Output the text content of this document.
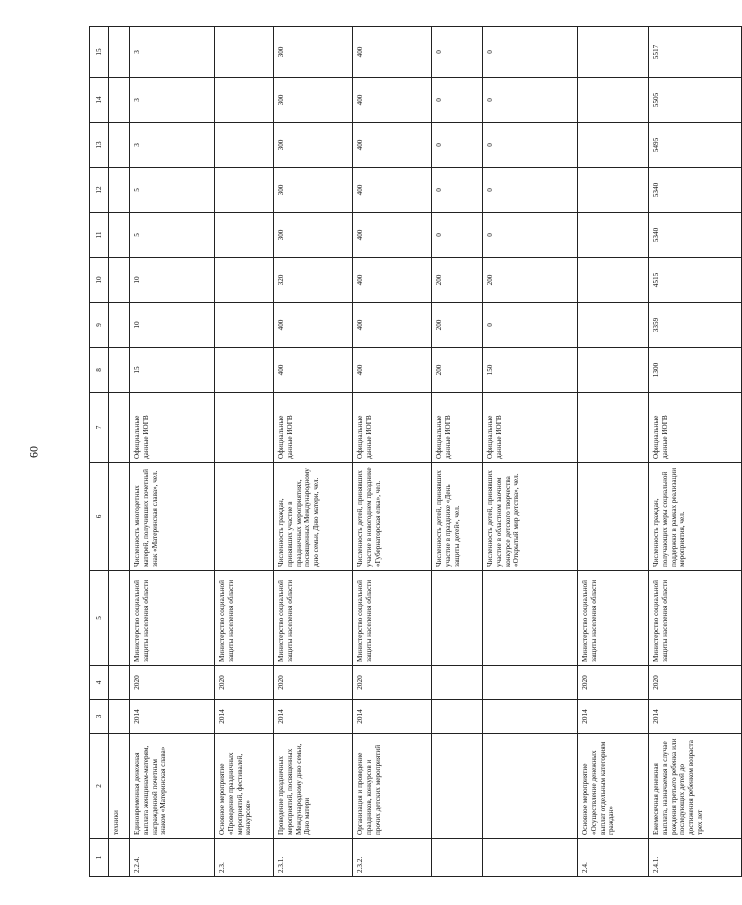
60
1	2	3	4	5	6	7	8	9	10	11	12	13	14	15
	техники													
2.2.4.	Единовременная денежная выплата женщинам-матерям, награжденной почетным знаком «Материнская слава»	2014	2020	Министерство социальной защиты населения области	Численность многодетных матерей, получивших почетный знак «Материнская слава», чел.	Официальные данные ИОГВ	15	10	10	5	5	3	3	3
2.3.	Основное мероприятие «Проведение праздничных мероприятий, фестивалей, конкурсов»	2014	2020	Министерство социальной защиты населения области										
2.3.1.	Проведение праздничных мероприятий, посвященных Международному дню семьи, Дню матери	2014	2020	Министерство социальной защиты населения области	Численность граждан, принявших участие в праздничных мероприятиях, посвященных Международному дню семьи, Дню матери, чел.	Официальные данные ИОГВ	400	400	320	300	300	300	300	300
2.3.2.	Организация и проведение праздников, конкурсов и прочих детских мероприятий	2014	2020	Министерство социальной защиты населения области	Численность детей, принявших участие в новогоднем празднике «Губернаторская елка», чел.	Официальные данные ИОГВ	400	400	400	400	400	400	400	400
					Численность детей, принявших участие в празднике «День защиты детей», чел.	Официальные данные ИОГВ	200	200	200	0	0	0	0	0
					Численность детей, принявших участие в областном заочном конкурсе детского творчества «Открытый мир детства», чел.	Официальные данные ИОГВ	150	0	200	0	0	0	0	0
2.4.	Основное мероприятие «Осуществление денежных выплат отдельным категориям граждан»	2014	2020	Министерство социальной защиты населения области										
2.4.1.	Ежемесячная денежная выплата, назначаемая в случае рождения третьего ребенка или последующих детей до достижения ребенком возраста трех лет	2014	2020	Министерство социальной защиты населения области	Численность граждан, получающих меры социальной поддержки в рамках реализации мероприятия, чел.	Официальные данные ИОГВ	1300	3359	4515	5340	5340	5495	5505	5517
